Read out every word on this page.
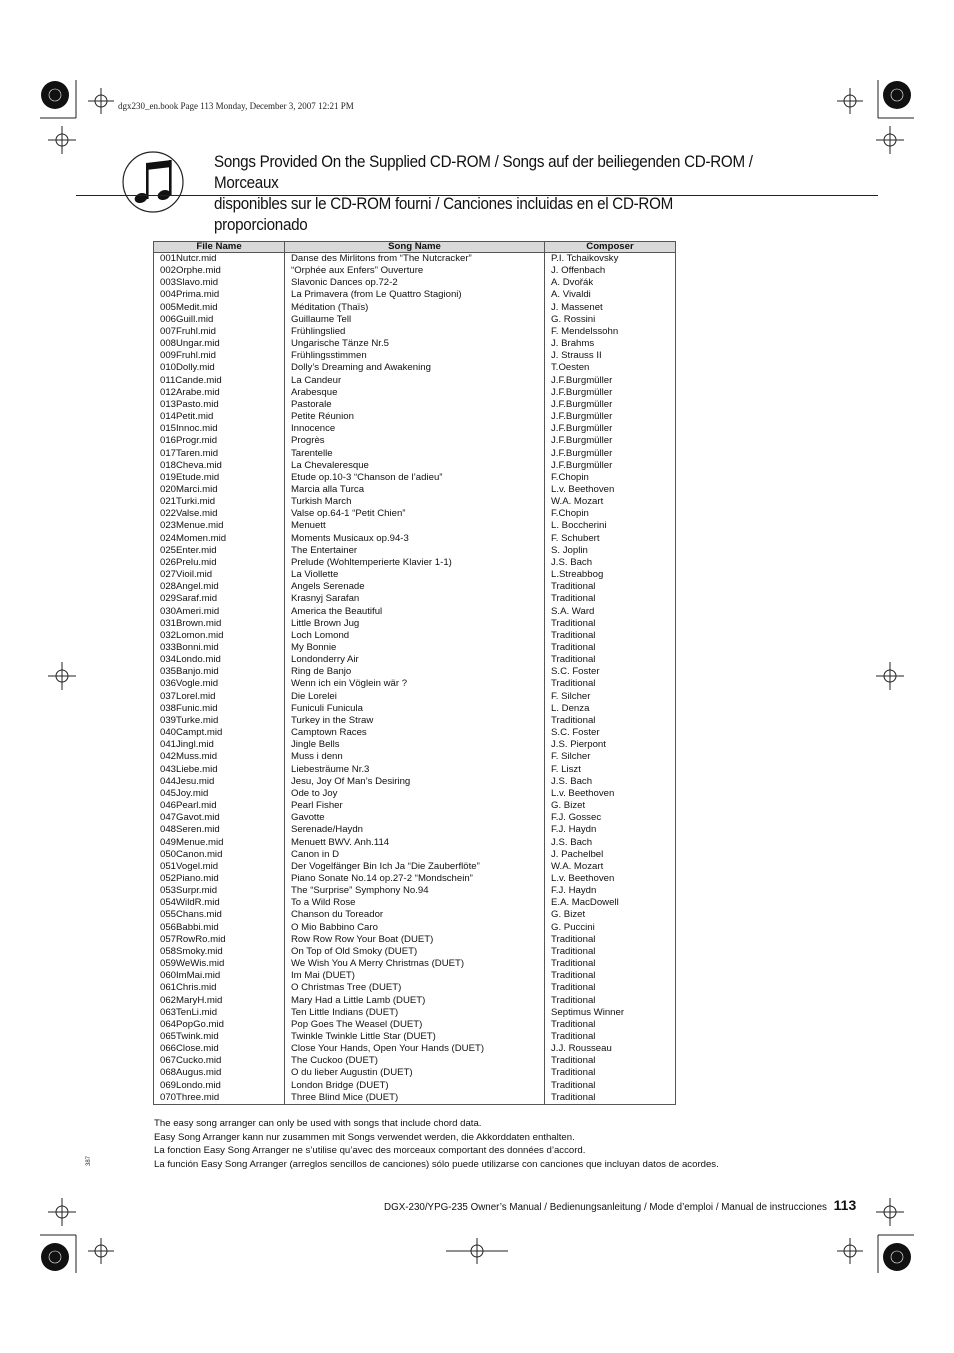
dgx230_en.book Page 113 Monday, December 3, 2007 12:21 PM
Songs Provided On the Supplied CD-ROM / Songs auf der beiliegenden CD-ROM / Morceaux
disponibles sur le CD-ROM fourni / Canciones incluidas en el CD-ROM proporcionado
File Name	Song Name	Composer
001Nutcr.mid	Danse des Mirlitons from “The Nutcracker”	P.I. Tchaikovsky
002Orphe.mid	“Orphée aux Enfers” Ouverture	J. Offenbach
003Slavo.mid	Slavonic Dances op.72-2	A. Dvořák
004Prima.mid	La Primavera (from Le Quattro Stagioni)	A. Vivaldi
005Medit.mid	Méditation (Thaïs)	J. Massenet
006Guill.mid	Guillaume Tell	G. Rossini
007Fruhl.mid	Frühlingslied	F. Mendelssohn
008Ungar.mid	Ungarische Tänze Nr.5	J. Brahms
009Fruhl.mid	Frühlingsstimmen	J. Strauss II
010Dolly.mid	Dolly’s Dreaming and Awakening	T.Oesten
011Cande.mid	La Candeur	J.F.Burgmüller
012Arabe.mid	Arabesque	J.F.Burgmüller
013Pasto.mid	Pastorale	J.F.Burgmüller
014Petit.mid	Petite Réunion	J.F.Burgmüller
015Innoc.mid	Innocence	J.F.Burgmüller
016Progr.mid	Progrès	J.F.Burgmüller
017Taren.mid	Tarentelle	J.F.Burgmüller
018Cheva.mid	La Chevaleresque	J.F.Burgmüller
019Etude.mid	Etude op.10-3 “Chanson de l’adieu”	F.Chopin
020Marci.mid	Marcia alla Turca	L.v. Beethoven
021Turki.mid	Turkish March	W.A. Mozart
022Valse.mid	Valse op.64-1 “Petit Chien”	F.Chopin
023Menue.mid	Menuett	L. Boccherini
024Momen.mid	Moments Musicaux op.94-3	F. Schubert
025Enter.mid	The Entertainer	S. Joplin
026Prelu.mid	Prelude (Wohltemperierte Klavier 1-1)	J.S. Bach
027Vioil.mid	La Viollette	L.Streabbog
028Angel.mid	Angels Serenade	Traditional
029Saraf.mid	Krasnyj Sarafan	Traditional
030Ameri.mid	America the Beautiful	S.A. Ward
031Brown.mid	Little Brown Jug	Traditional
032Lomon.mid	Loch Lomond	Traditional
033Bonni.mid	My Bonnie	Traditional
034Londo.mid	Londonderry Air	Traditional
035Banjo.mid	Ring de Banjo	S.C. Foster
036Vogle.mid	Wenn ich ein Vöglein wär ?	Traditional
037Lorel.mid	Die Lorelei	F. Silcher
038Funic.mid	Funiculi Funicula	L. Denza
039Turke.mid	Turkey in the Straw	Traditional
040Campt.mid	Camptown Races	S.C. Foster
041Jingl.mid	Jingle Bells	J.S. Pierpont
042Muss.mid	Muss i denn	F. Silcher
043Liebe.mid	Liebesträume Nr.3	F. Liszt
044Jesu.mid	Jesu, Joy Of Man’s Desiring	J.S. Bach
045Joy.mid	Ode to Joy	L.v. Beethoven
046Pearl.mid	Pearl Fisher	G. Bizet
047Gavot.mid	Gavotte	F.J. Gossec
048Seren.mid	Serenade/Haydn	F.J. Haydn
049Menue.mid	Menuett BWV. Anh.114	J.S. Bach
050Canon.mid	Canon in D	J. Pachelbel
051Vogel.mid	Der Vogelfänger Bin Ich Ja “Die Zauberflöte”	W.A. Mozart
052Piano.mid	Piano Sonate No.14 op.27-2 “Mondschein”	L.v. Beethoven
053Surpr.mid	The “Surprise” Symphony No.94	F.J. Haydn
054WildR.mid	To a Wild Rose	E.A. MacDowell
055Chans.mid	Chanson du Toreador	G. Bizet
056Babbi.mid	O Mio Babbino Caro	G. Puccini
057RowRo.mid	Row Row Row Your Boat (DUET)	Traditional
058Smoky.mid	On Top of Old Smoky (DUET)	Traditional
059WeWis.mid	We Wish You A Merry Christmas (DUET)	Traditional
060ImMai.mid	Im Mai (DUET)	Traditional
061Chris.mid	O Christmas Tree (DUET)	Traditional
062MaryH.mid	Mary Had a Little Lamb (DUET)	Traditional
063TenLi.mid	Ten Little Indians (DUET)	Septimus Winner
064PopGo.mid	Pop Goes The Weasel (DUET)	Traditional
065Twink.mid	Twinkle Twinkle Little Star (DUET)	Traditional
066Close.mid	Close Your Hands, Open Your Hands (DUET)	J.J. Rousseau
067Cucko.mid	The Cuckoo (DUET)	Traditional
068Augus.mid	O du lieber Augustin (DUET)	Traditional
069Londo.mid	London Bridge (DUET)	Traditional
070Three.mid	Three Blind Mice (DUET)	Traditional
The easy song arranger can only be used with songs that include chord data.
Easy Song Arranger kann nur zusammen mit Songs verwendet werden, die Akkorddaten enthalten.
La fonction Easy Song Arranger ne s’utilise qu’avec des morceaux comportant des données d’accord.
La función Easy Song Arranger (arreglos sencillos de canciones) sólo puede utilizarse con canciones que incluyan datos de acordes.
387
DGX-230/YPG-235 Owner’s Manual / Bedienungsanleitung / Mode d’emploi / Manual de instrucciones 113
